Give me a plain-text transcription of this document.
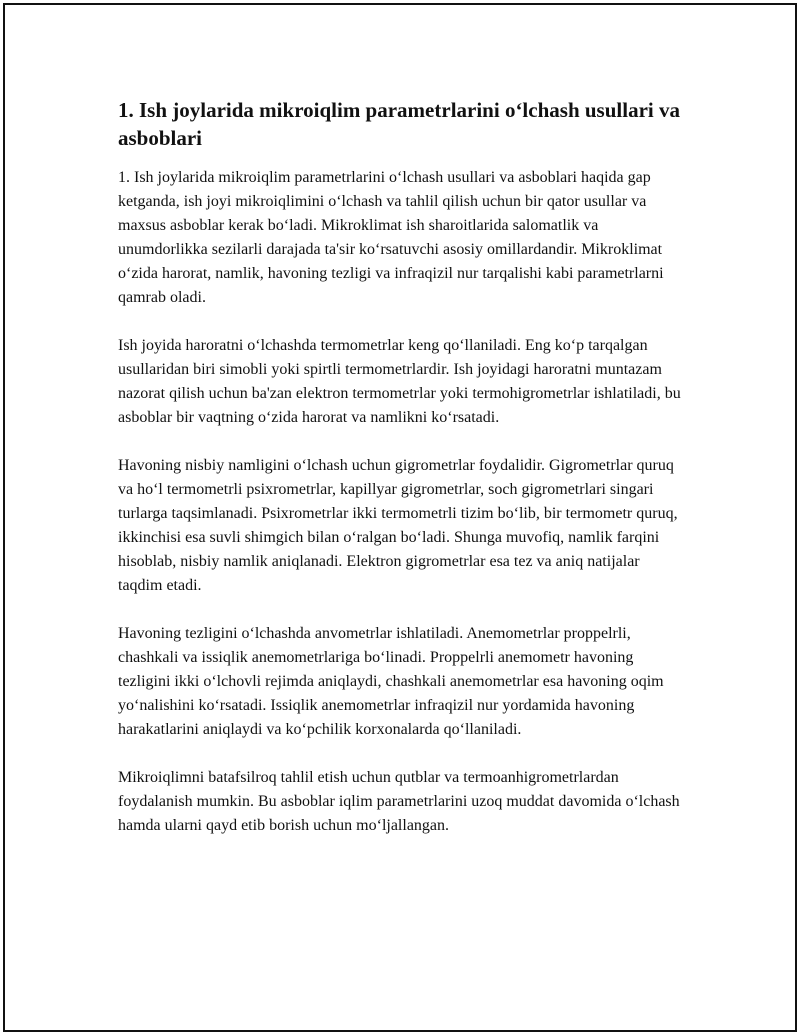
1. Ish joylarida mikroiqlim parametrlarini o‘lchash usullari va asboblari

1. Ish joylarida mikroiqlim parametrlarini o‘lchash usullari va asboblari haqida gap ketganda, ish joyi mikroiqlimini o‘lchash va tahlil qilish uchun bir qator usullar va maxsus asboblar kerak bo‘ladi. Mikroklimat ish sharoitlarida salomatlik va unumdorlikka sezilarli darajada ta'sir ko‘rsatuvchi asosiy omillardandir. Mikroklimat o‘zida harorat, namlik, havoning tezligi va infraqizil nur tarqalishi kabi parametrlarni qamrab oladi.

Ish joyida haroratni o‘lchashda termometrlar keng qo‘llaniladi. Eng ko‘p tarqalgan usullaridan biri simobli yoki spirtli termometrlardir. Ish joyidagi haroratni muntazam nazorat qilish uchun ba'zan elektron termometrlar yoki termohigrometrlar ishlatiladi, bu asboblar bir vaqtning o‘zida harorat va namlikni ko‘rsatadi.

Havoning nisbiy namligini o‘lchash uchun gigrometrlar foydalidir. Gigrometrlar quruq va ho‘l termometrli psixrometrlar, kapillyar gigrometrlar, soch gigrometrlari singari turlarga taqsimlanadi. Psixrometrlar ikki termometrli tizim bo‘lib, bir termometr quruq, ikkinchisi esa suvli shimgich bilan o‘ralgan bo‘ladi. Shunga muvofiq, namlik farqini hisoblab, nisbiy namlik aniqlanadi. Elektron gigrometrlar esa tez va aniq natijalar taqdim etadi.

Havoning tezligini o‘lchashda anvometrlar ishlatiladi. Anemometrlar proppelrli, chashkali va issiqlik anemometrlariga bo‘linadi. Proppelrli anemometr havoning tezligini ikki o‘lchovli rejimda aniqlaydi, chashkali anemometrlar esa havoning oqim yo‘nalishini ko‘rsatadi. Issiqlik anemometrlar infraqizil nur yordamida havoning harakatlarini aniqlaydi va ko‘pchilik korxonalarda qo‘llaniladi.

Mikroiqlimni batafsilroq tahlil etish uchun qutblar va termoanhigrometrlardan foydalanish mumkin. Bu asboblar iqlim parametrlarini uzoq muddat davomida o‘lchash hamda ularni qayd etib borish uchun mo‘ljallangan.
